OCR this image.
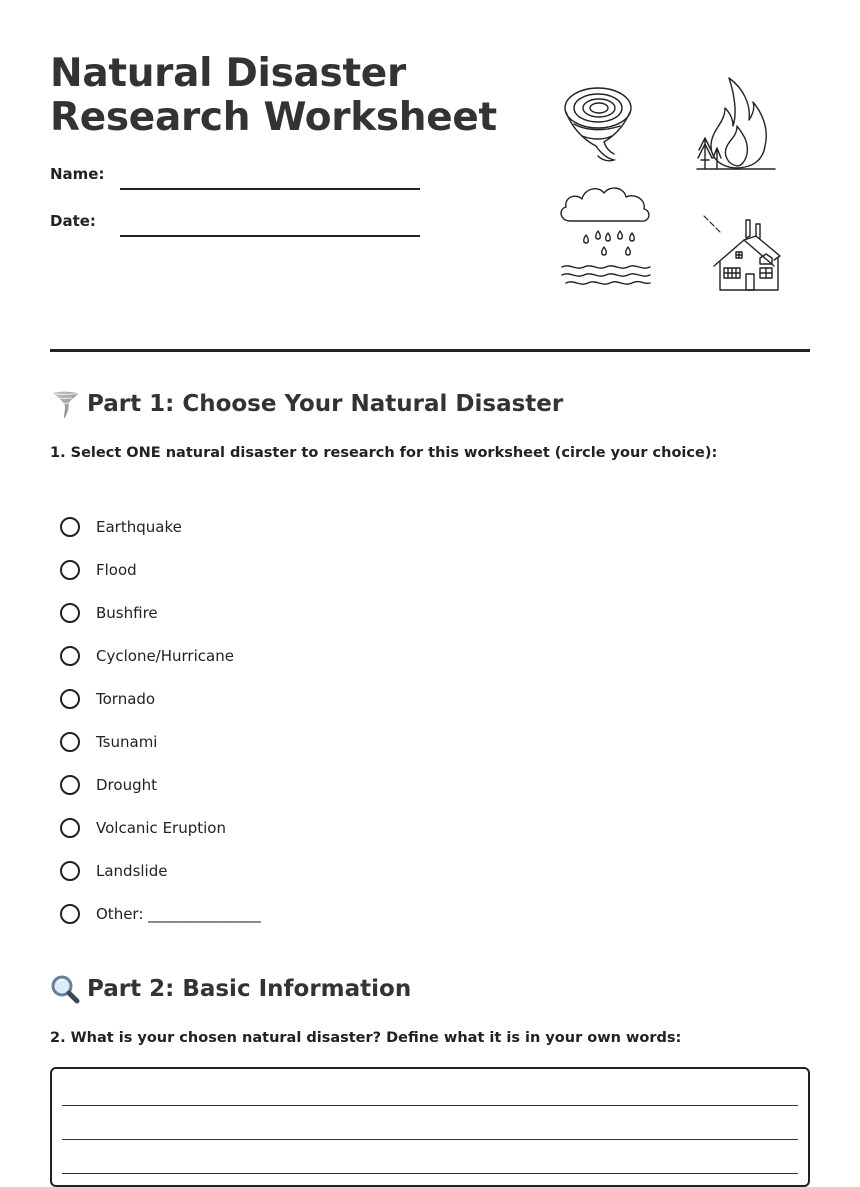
Natural Disaster
Research Worksheet
Name:
Date:
Part 1: Choose Your Natural Disaster
1. Select ONE natural disaster to research for this worksheet (circle your choice):
Earthquake
Flood
Bushfire
Cyclone/Hurricane
Tornado
Tsunami
Drought
Volcanic Eruption
Landslide
Other: _______________
Part 2: Basic Information
2. What is your chosen natural disaster? Define what it is in your own words:
